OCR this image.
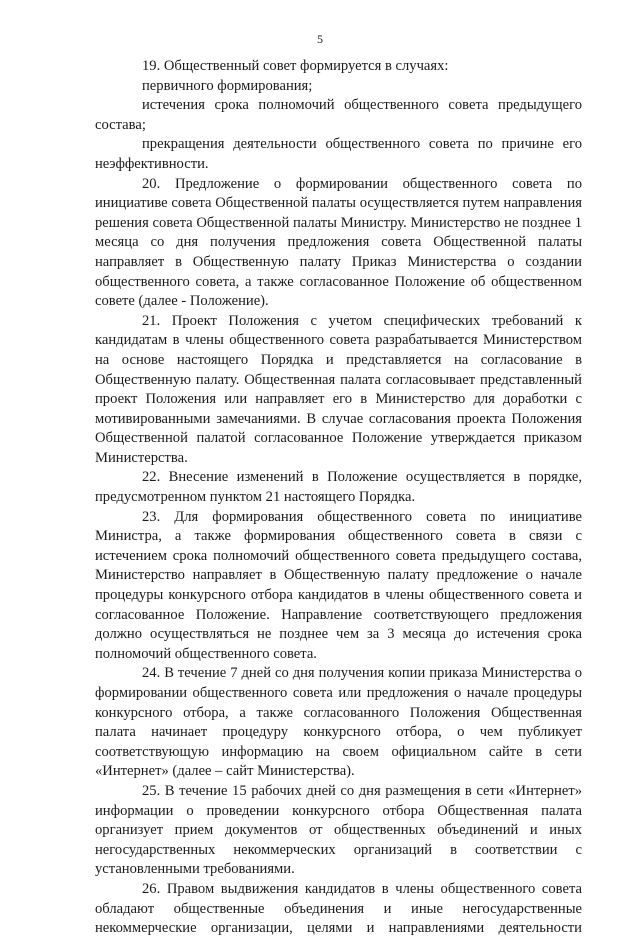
5

19. Общественный совет формируется в случаях:

первичного формирования;

истечения срока полномочий общественного совета предыдущего состава;

прекращения деятельности общественного совета по причине его неэффективности.

20. Предложение о формировании общественного совета по инициативе совета Общественной палаты осуществляется путем направления решения совета Общественной палаты Министру. Министерство не позднее 1 месяца со дня получения предложения совета Общественной палаты направляет в Общественную палату Приказ Министерства о создании общественного совета, а также согласованное Положение об общественном совете (далее - Положение).

21. Проект Положения с учетом специфических требований к кандидатам в члены общественного совета разрабатывается Министерством на основе настоящего Порядка и представляется на согласование в Общественную палату. Общественная палата согласовывает представленный проект Положения или направляет его в Министерство для доработки с мотивированными замечаниями. В случае согласования проекта Положения Общественной палатой согласованное Положение утверждается приказом Министерства.

22. Внесение изменений в Положение осуществляется в порядке, предусмотренном пунктом 21 настоящего Порядка.

23. Для формирования общественного совета по инициативе Министра, а также формирования общественного совета в связи с истечением срока полномочий общественного совета предыдущего состава, Министерство направляет в Общественную палату предложение о начале процедуры конкурсного отбора кандидатов в члены общественного совета и согласованное Положение. Направление соответствующего предложения должно осуществляться не позднее чем за 3 месяца до истечения срока полномочий общественного совета.

24. В течение 7 дней со дня получения копии приказа Министерства о формировании общественного совета или предложения о начале процедуры конкурсного отбора, а также согласованного Положения Общественная палата начинает процедуру конкурсного отбора, о чем публикует соответствующую информацию на своем официальном сайте в сети «Интернет» (далее – сайт Министерства).

25. В течение 15 рабочих дней со дня размещения в сети «Интернет» информации о проведении конкурсного отбора Общественная палата организует прием документов от общественных объединений и иных негосударственных некоммерческих организаций в соответствии с установленными требованиями.

26. Правом выдвижения кандидатов в члены общественного совета обладают общественные объединения и иные негосударственные некоммерческие организации, целями и направлениями деятельности
